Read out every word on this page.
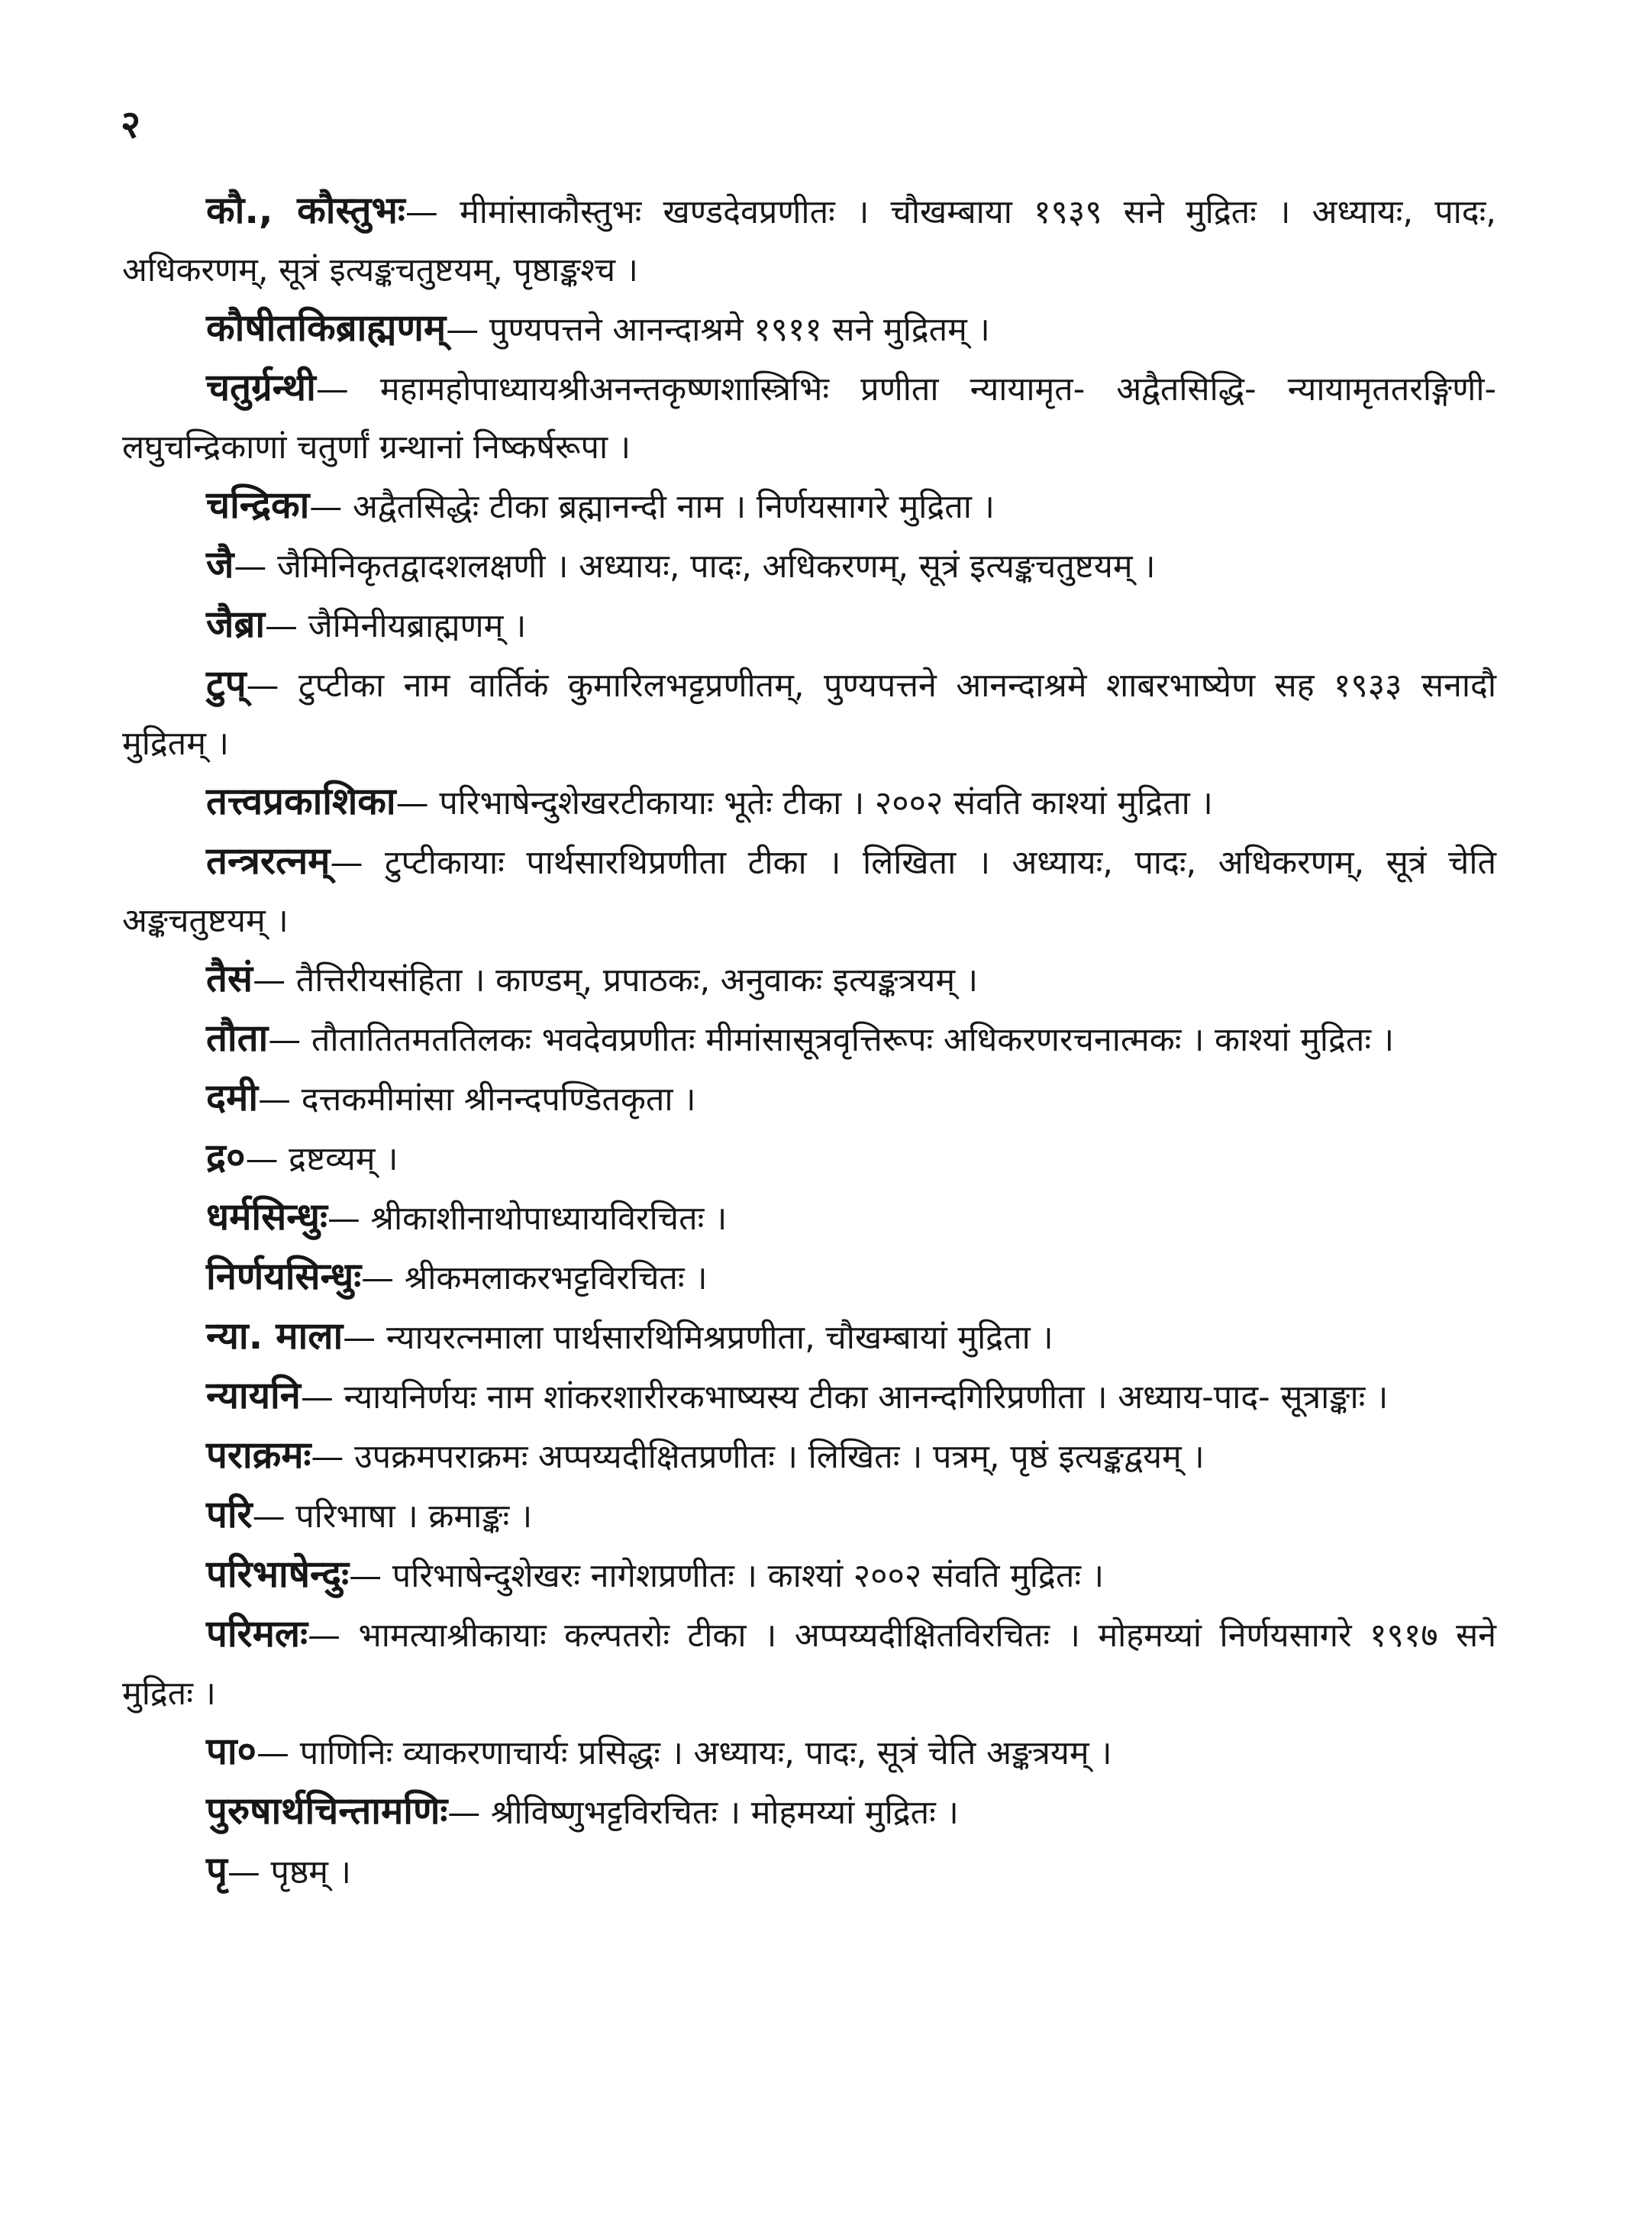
२

कौ., कौस्तुभः— मीमांसाकौस्तुभः खण्डदेवप्रणीतः । चौखम्बाया १९३९ सने मुद्रितः । अध्यायः, पादः, अधिकरणम्, सूत्रं इत्यङ्कचतुष्टयम्, पृष्ठाङ्कश्च ।

कौषीतकिब्राह्मणम्— पुण्यपत्तने आनन्दाश्रमे १९११ सने मुद्रितम् ।

चतुर्ग्रन्थी— महामहोपाध्यायश्रीअनन्तकृष्णशास्त्रिभिः प्रणीता न्यायामृत- अद्वैतसिद्धि- न्यायामृततरङ्गिणी- लघुचन्द्रिकाणां चतुर्णां ग्रन्थानां निष्कर्षरूपा ।

चन्द्रिका— अद्वैतसिद्धेः टीका ब्रह्मानन्दी नाम । निर्णयसागरे मुद्रिता ।

जै— जैमिनिकृतद्वादशलक्षणी । अध्यायः, पादः, अधिकरणम्, सूत्रं इत्यङ्कचतुष्टयम् ।

जैब्रा— जैमिनीयब्राह्मणम् ।

टुप्— टुप्टीका नाम वार्तिकं कुमारिलभट्टप्रणीतम्, पुण्यपत्तने आनन्दाश्रमे शाबरभाष्येण सह १९३३ सनादौ मुद्रितम् ।

तत्त्वप्रकाशिका— परिभाषेन्दुशेखरटीकायाः भूतेः टीका । २००२ संवति काश्यां मुद्रिता ।

तन्त्ररत्नम्— टुप्टीकायाः पार्थसारथिप्रणीता टीका । लिखिता । अध्यायः, पादः, अधिकरणम्, सूत्रं चेति अङ्कचतुष्टयम् ।

तैसं— तैत्तिरीयसंहिता । काण्डम्, प्रपाठकः, अनुवाकः इत्यङ्कत्रयम् ।

तौता— तौतातितमततिलकः भवदेवप्रणीतः मीमांसासूत्रवृत्तिरूपः अधिकरणरचनात्मकः । काश्यां मुद्रितः ।

दमी— दत्तकमीमांसा श्रीनन्दपण्डितकृता ।

द्र०— द्रष्टव्यम् ।

धर्मसिन्धुः— श्रीकाशीनाथोपाध्यायविरचितः ।

निर्णयसिन्धुः— श्रीकमलाकरभट्टविरचितः ।

न्या. माला— न्यायरत्नमाला पार्थसारथिमिश्रप्रणीता, चौखम्बायां मुद्रिता ।

न्यायनि— न्यायनिर्णयः नाम शांकरशारीरकभाष्यस्य टीका आनन्दगिरिप्रणीता । अध्याय-पाद- सूत्राङ्काः ।

पराक्रमः— उपक्रमपराक्रमः अप्पय्यदीक्षितप्रणीतः । लिखितः । पत्रम्, पृष्ठं इत्यङ्कद्वयम् ।

परि— परिभाषा । क्रमाङ्कः ।

परिभाषेन्दुः— परिभाषेन्दुशेखरः नागेशप्रणीतः । काश्यां २००२ संवति मुद्रितः ।

परिमलः— भामत्याश्रीकायाः कल्पतरोः टीका । अप्पय्यदीक्षितविरचितः । मोहमय्यां निर्णयसागरे १९१७ सने मुद्रितः ।

पा०— पाणिनिः व्याकरणाचार्यः प्रसिद्धः । अध्यायः, पादः, सूत्रं चेति अङ्कत्रयम् ।

पुरुषार्थचिन्तामणिः— श्रीविष्णुभट्टविरचितः । मोहमय्यां मुद्रितः ।

पृ— पृष्ठम् ।
